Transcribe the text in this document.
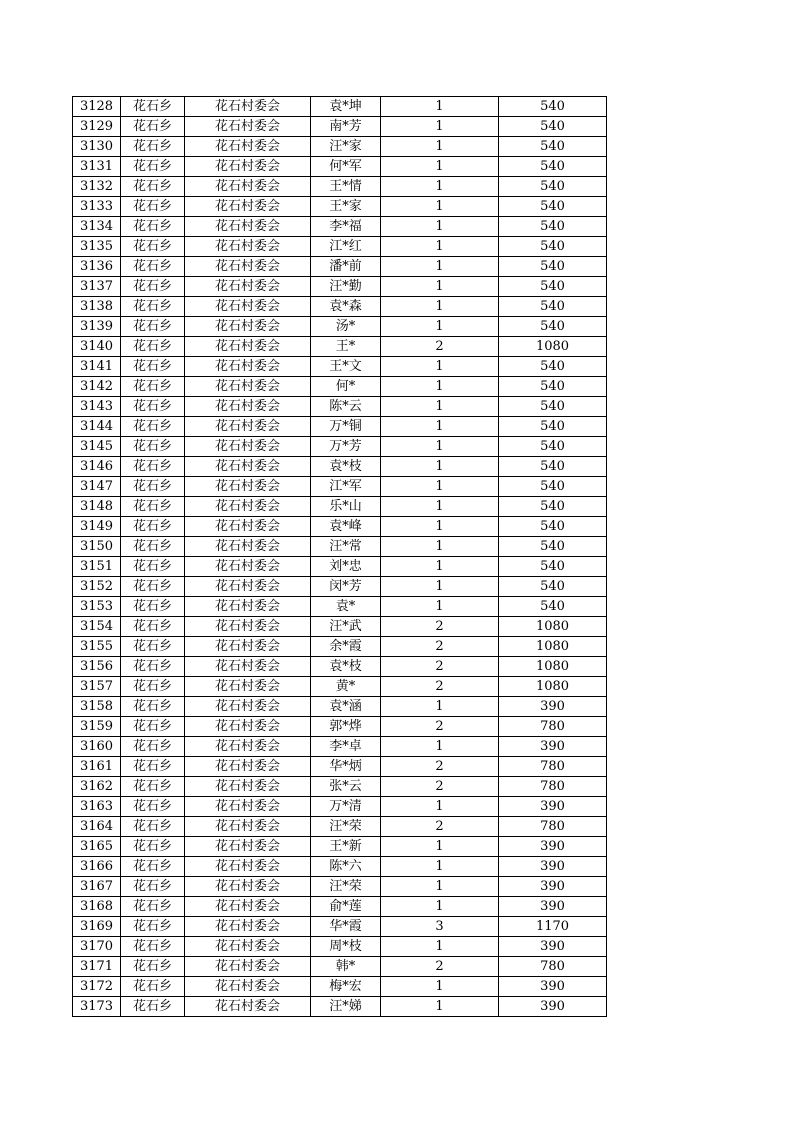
3128	花石乡	花石村委会	袁*坤	1	540
3129	花石乡	花石村委会	南*芳	1	540
3130	花石乡	花石村委会	汪*家	1	540
3131	花石乡	花石村委会	何*军	1	540
3132	花石乡	花石村委会	王*情	1	540
3133	花石乡	花石村委会	王*家	1	540
3134	花石乡	花石村委会	李*福	1	540
3135	花石乡	花石村委会	江*红	1	540
3136	花石乡	花石村委会	潘*前	1	540
3137	花石乡	花石村委会	汪*勤	1	540
3138	花石乡	花石村委会	袁*森	1	540
3139	花石乡	花石村委会	汤*	1	540
3140	花石乡	花石村委会	王*	2	1080
3141	花石乡	花石村委会	王*文	1	540
3142	花石乡	花石村委会	何*	1	540
3143	花石乡	花石村委会	陈*云	1	540
3144	花石乡	花石村委会	万*铜	1	540
3145	花石乡	花石村委会	万*芳	1	540
3146	花石乡	花石村委会	袁*枝	1	540
3147	花石乡	花石村委会	江*军	1	540
3148	花石乡	花石村委会	乐*山	1	540
3149	花石乡	花石村委会	袁*峰	1	540
3150	花石乡	花石村委会	汪*常	1	540
3151	花石乡	花石村委会	刘*忠	1	540
3152	花石乡	花石村委会	闵*芳	1	540
3153	花石乡	花石村委会	袁*	1	540
3154	花石乡	花石村委会	汪*武	2	1080
3155	花石乡	花石村委会	余*霞	2	1080
3156	花石乡	花石村委会	袁*枝	2	1080
3157	花石乡	花石村委会	黄*	2	1080
3158	花石乡	花石村委会	袁*涵	1	390
3159	花石乡	花石村委会	郭*烨	2	780
3160	花石乡	花石村委会	李*卓	1	390
3161	花石乡	花石村委会	华*炳	2	780
3162	花石乡	花石村委会	张*云	2	780
3163	花石乡	花石村委会	万*清	1	390
3164	花石乡	花石村委会	汪*荣	2	780
3165	花石乡	花石村委会	王*新	1	390
3166	花石乡	花石村委会	陈*六	1	390
3167	花石乡	花石村委会	汪*荣	1	390
3168	花石乡	花石村委会	俞*莲	1	390
3169	花石乡	花石村委会	华*霞	3	1170
3170	花石乡	花石村委会	周*枝	1	390
3171	花石乡	花石村委会	韩*	2	780
3172	花石乡	花石村委会	梅*宏	1	390
3173	花石乡	花石村委会	汪*娣	1	390
